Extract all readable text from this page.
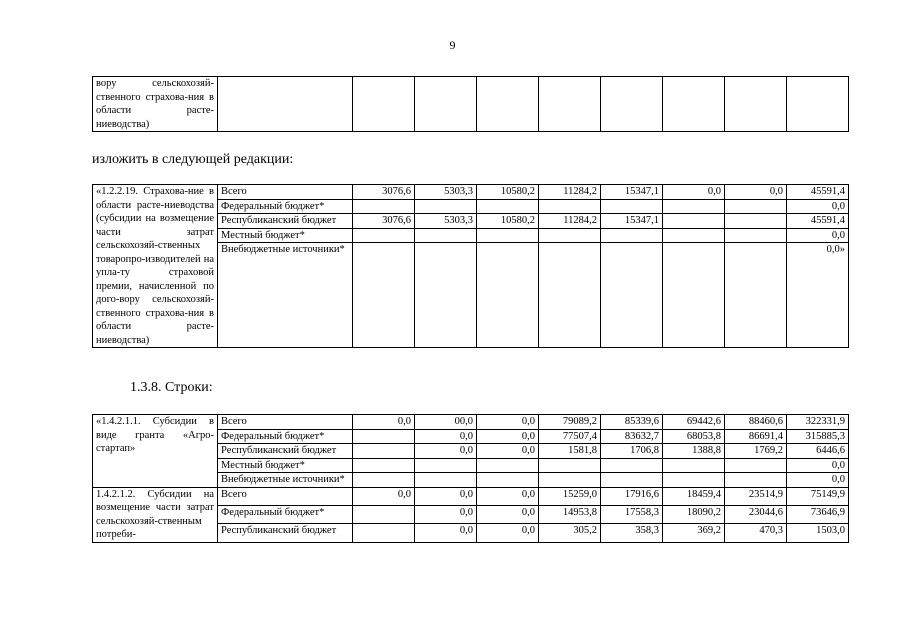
9
вору сельскохозяй-ственного страхова-ния в области расте-ниеводства)									
изложить в следующей редакции:
«1.2.2.19. Страхова-ние в области расте-ниеводства (субсидии на возмещение части затрат сельскохозяй-ственных товаропро-изводителей на упла-ту страховой премии, начисленной по дого-вору сельскохозяй-ственного страхова-ния в области расте-ниеводства)	Всего	3076,6	5303,3	10580,2	11284,2	15347,1	0,0	0,0	45591,4
	Федеральный бюджет*								0,0
	Республиканский бюджет	3076,6	5303,3	10580,2	11284,2	15347,1			45591,4
	Местный бюджет*								0,0
	Внебюджетные источники*								0,0»
1.3.8. Строки:
«1.4.2.1.1. Субсидии в виде гранта «Агро-стартап»	Всего	0,0	00,0	0,0	79089,2	85339,6	69442,6	88460,6	322331,9
	Федеральный бюджет*		0,0	0,0	77507,4	83632,7	68053,8	86691,4	315885,3
	Республиканский бюджет		0,0	0,0	1581,8	1706,8	1388,8	1769,2	6446,6
	Местный бюджет*								0,0
	Внебюджетные источники*								0,0
1.4.2.1.2. Субсидии на возмещение части затрат сельскохозяй-ственным потреби-	Всего	0,0	0,0	0,0	15259,0	17916,6	18459,4	23514,9	75149,9
	Федеральный бюджет*		0,0	0,0	14953,8	17558,3	18090,2	23044,6	73646,9
	Республиканский бюджет		0,0	0,0	305,2	358,3	369,2	470,3	1503,0
